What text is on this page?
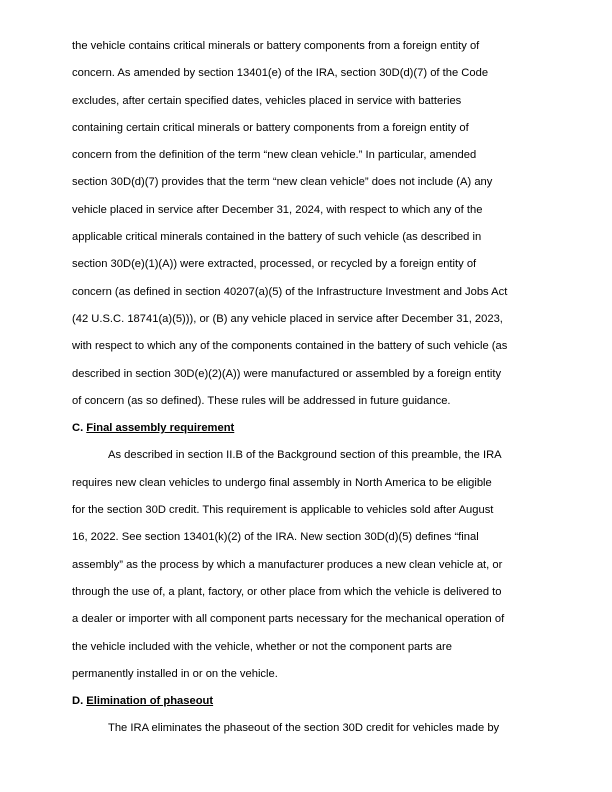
the vehicle contains critical minerals or battery components from a foreign entity of
concern. As amended by section 13401(e) of the IRA, section 30D(d)(7) of the Code
excludes, after certain specified dates, vehicles placed in service with batteries
containing certain critical minerals or battery components from a foreign entity of
concern from the definition of the term “new clean vehicle.” In particular, amended
section 30D(d)(7) provides that the term “new clean vehicle” does not include (A) any
vehicle placed in service after December 31, 2024, with respect to which any of the
applicable critical minerals contained in the battery of such vehicle (as described in
section 30D(e)(1)(A)) were extracted, processed, or recycled by a foreign entity of
concern (as defined in section 40207(a)(5) of the Infrastructure Investment and Jobs Act
(42 U.S.C. 18741(a)(5))), or (B) any vehicle placed in service after December 31, 2023,
with respect to which any of the components contained in the battery of such vehicle (as
described in section 30D(e)(2)(A)) were manufactured or assembled by a foreign entity
of concern (as so defined). These rules will be addressed in future guidance.
C. Final assembly requirement
As described in section II.B of the Background section of this preamble, the IRA
requires new clean vehicles to undergo final assembly in North America to be eligible
for the section 30D credit. This requirement is applicable to vehicles sold after August
16, 2022. See section 13401(k)(2) of the IRA. New section 30D(d)(5) defines “final
assembly” as the process by which a manufacturer produces a new clean vehicle at, or
through the use of, a plant, factory, or other place from which the vehicle is delivered to
a dealer or importer with all component parts necessary for the mechanical operation of
the vehicle included with the vehicle, whether or not the component parts are
permanently installed in or on the vehicle.
D. Elimination of phaseout
The IRA eliminates the phaseout of the section 30D credit for vehicles made by
